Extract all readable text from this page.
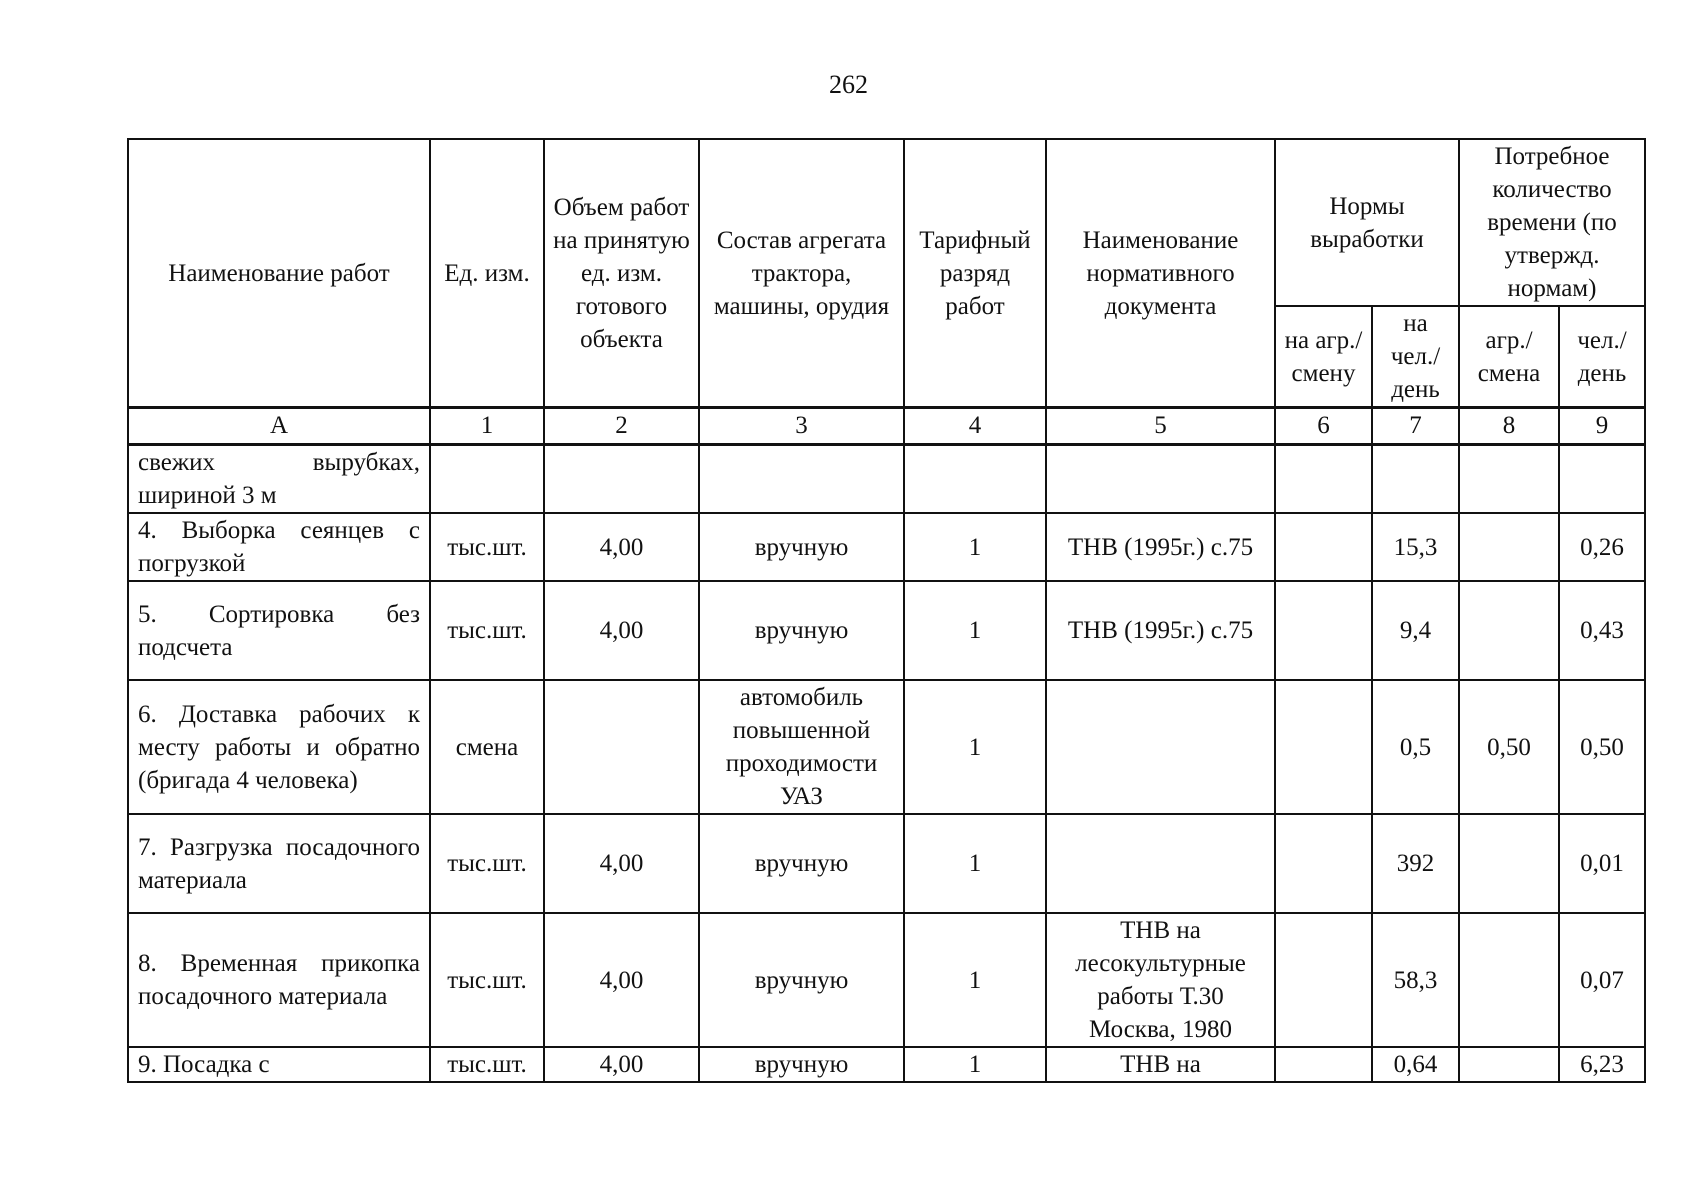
262
Наименование работ	Ед. изм.	Объем работ на принятую ед. изм. готового объекта	Состав агрегата трактора, машины, орудия	Тарифный разряд работ	Наименование нормативного документа	Нормы выработки		Потребное количество времени (по утвержд. нормам)	
						на агр./ смену	на чел./ день	агр./ смена	чел./ день
А	1	2	3	4	5	6	7	8	9
свежих вырубках, шириной 3 м									
4. Выборка сеянцев с погрузкой	тыс.шт.	4,00	вручную	1	ТНВ (1995г.) с.75		15,3		0,26
5. Сортировка без подсчета	тыс.шт.	4,00	вручную	1	ТНВ (1995г.) с.75		9,4		0,43
6. Доставка рабочих к месту работы и обратно (бригада 4 человека)	смена		автомобиль повышенной проходимости УАЗ	1			0,5	0,50	0,50
7. Разгрузка посадочного материала	тыс.шт.	4,00	вручную	1			392		0,01
8. Временная прикопка посадочного материала	тыс.шт.	4,00	вручную	1	ТНВ на лесокультурные работы Т.30 Москва, 1980		58,3		0,07
9. Посадка с	тыс.шт.	4,00	вручную	1	ТНВ на		0,64		6,23
